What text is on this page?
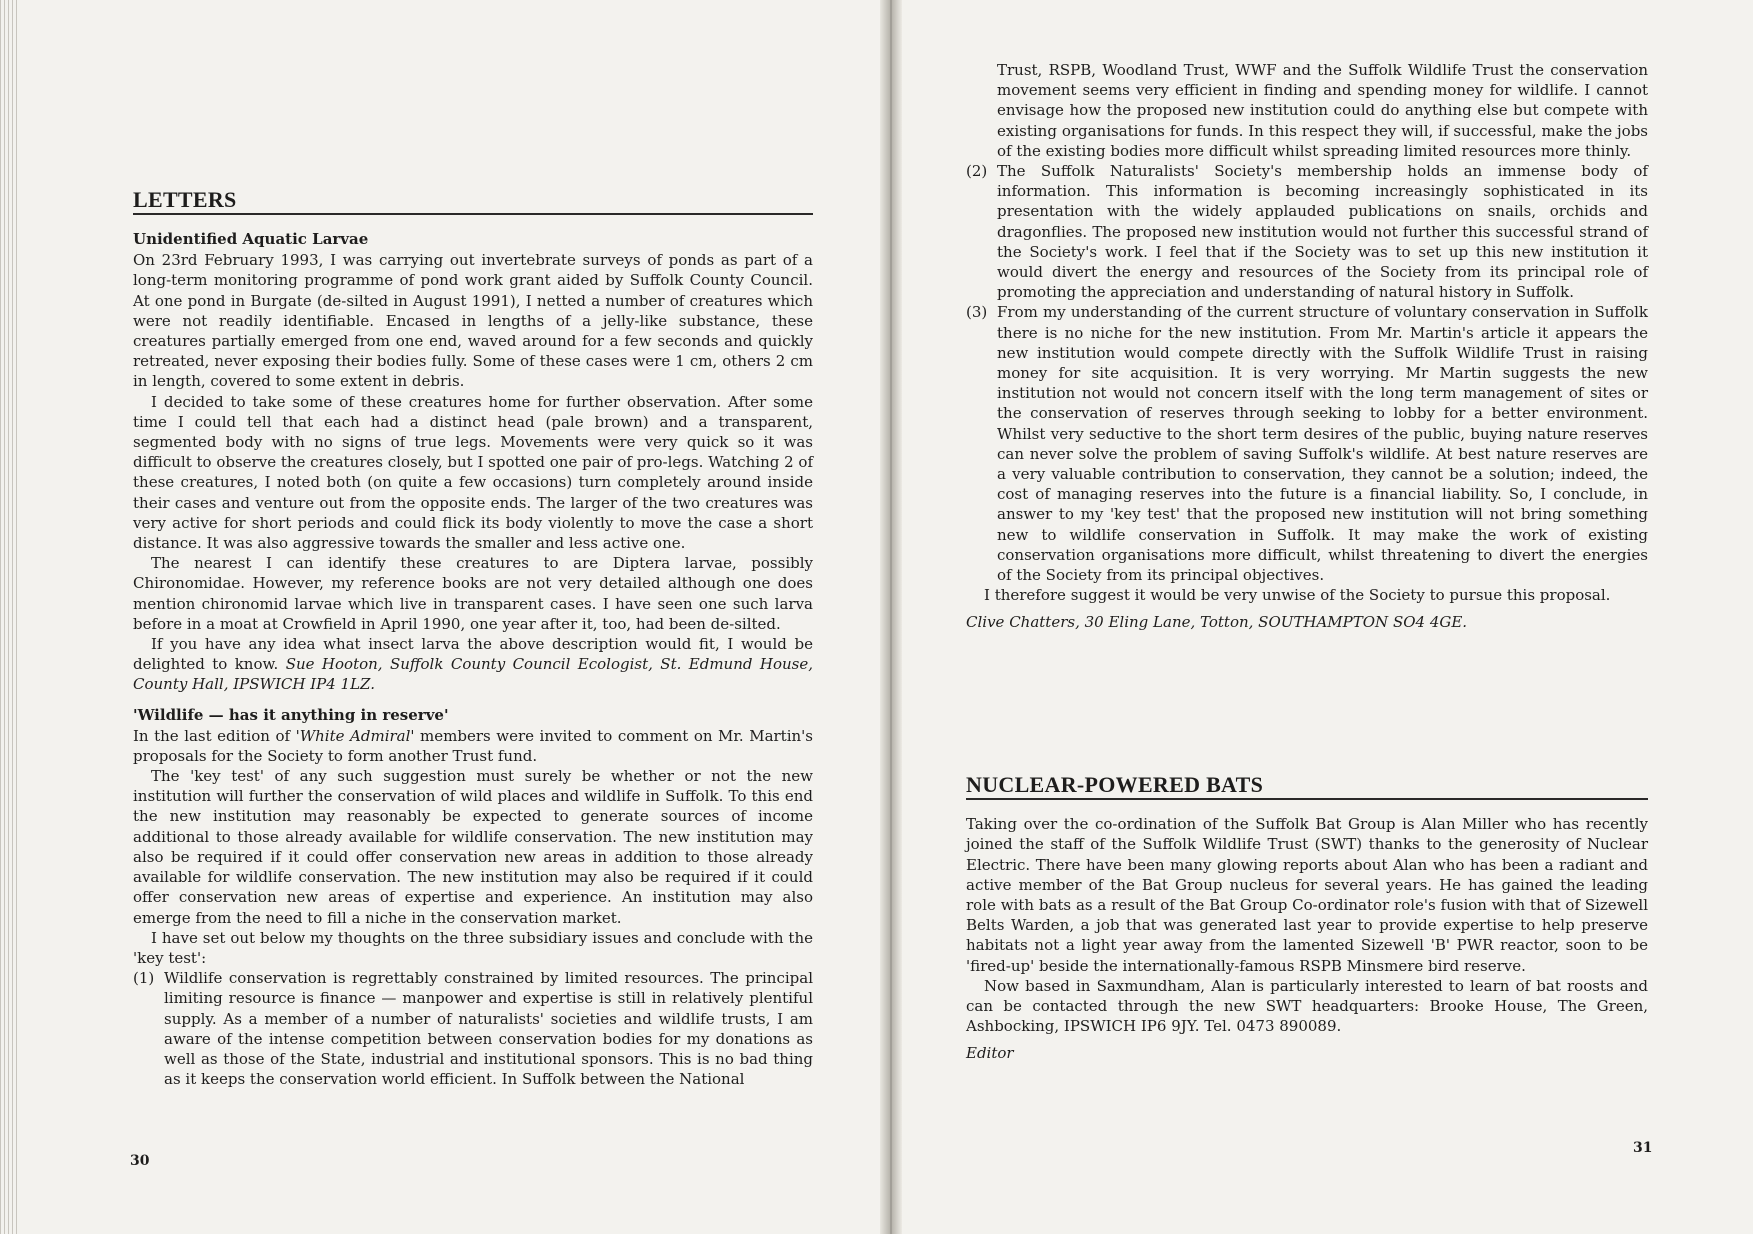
LETTERS
Unidentified Aquatic Larvae

On 23rd February 1993, I was carrying out invertebrate surveys of ponds as part of a long-term monitoring programme of pond work grant aided by Suffolk County Council. At one pond in Burgate (de-silted in August 1991), I netted a number of creatures which were not readily identifiable. Encased in lengths of a jelly-like substance, these creatures partially emerged from one end, waved around for a few seconds and quickly retreated, never exposing their bodies fully. Some of these cases were 1 cm, others 2 cm in length, covered to some extent in debris.

I decided to take some of these creatures home for further observation. After some time I could tell that each had a distinct head (pale brown) and a transparent, segmented body with no signs of true legs. Movements were very quick so it was difficult to observe the creatures closely, but I spotted one pair of pro-legs. Watching 2 of these creatures, I noted both (on quite a few occasions) turn completely around inside their cases and venture out from the opposite ends. The larger of the two creatures was very active for short periods and could flick its body violently to move the case a short distance. It was also aggressive towards the smaller and less active one.

The nearest I can identify these creatures to are Diptera larvae, possibly Chironomidae. However, my reference books are not very detailed although one does mention chironomid larvae which live in transparent cases. I have seen one such larva before in a moat at Crowfield in April 1990, one year after it, too, had been de-silted.

If you have any idea what insect larva the above description would fit, I would be delighted to know. Sue Hooton, Suffolk County Council Ecologist, St. Edmund House, County Hall, IPSWICH IP4 1LZ.

'Wildlife — has it anything in reserve'

In the last edition of 'White Admiral' members were invited to comment on Mr. Martin's proposals for the Society to form another Trust fund.

The 'key test' of any such suggestion must surely be whether or not the new institution will further the conservation of wild places and wildlife in Suffolk. To this end the new institution may reasonably be expected to generate sources of income additional to those already available for wildlife conservation. The new institution may also be required if it could offer conservation new areas in addition to those already available for wildlife conservation. The new institution may also be required if it could offer conservation new areas of expertise and experience. An institution may also emerge from the need to fill a niche in the conservation market.

I have set out below my thoughts on the three subsidiary issues and conclude with the 'key test':

(1) Wildlife conservation is regrettably constrained by limited resources. The principal limiting resource is finance — manpower and expertise is still in relatively plentiful supply. As a member of a number of naturalists' societies and wildlife trusts, I am aware of the intense competition between conservation bodies for my donations as well as those of the State, industrial and institutional sponsors. This is no bad thing as it keeps the conservation world efficient. In Suffolk between the National
30
Trust, RSPB, Woodland Trust, WWF and the Suffolk Wildlife Trust the conservation movement seems very efficient in finding and spending money for wildlife. I cannot envisage how the proposed new institution could do anything else but compete with existing organisations for funds. In this respect they will, if successful, make the jobs of the existing bodies more difficult whilst spreading limited resources more thinly.
(2) The Suffolk Naturalists' Society's membership holds an immense body of information. This information is becoming increasingly sophisticated in its presentation with the widely applauded publications on snails, orchids and dragonflies. The proposed new institution would not further this successful strand of the Society's work. I feel that if the Society was to set up this new institution it would divert the energy and resources of the Society from its principal role of promoting the appreciation and understanding of natural history in Suffolk.
(3) From my understanding of the current structure of voluntary conservation in Suffolk there is no niche for the new institution. From Mr. Martin's article it appears the new institution would compete directly with the Suffolk Wildlife Trust in raising money for site acquisition. It is very worrying. Mr Martin suggests the new institution not would not concern itself with the long term management of sites or the conservation of reserves through seeking to lobby for a better environment. Whilst very seductive to the short term desires of the public, buying nature reserves can never solve the problem of saving Suffolk's wildlife. At best nature reserves are a very valuable contribution to conservation, they cannot be a solution; indeed, the cost of managing reserves into the future is a financial liability. So, I conclude, in answer to my 'key test' that the proposed new institution will not bring something new to wildlife conservation in Suffolk. It may make the work of existing conservation organisations more difficult, whilst threatening to divert the energies of the Society from its principal objectives.

I therefore suggest it would be very unwise of the Society to pursue this proposal.

Clive Chatters, 30 Eling Lane, Totton, SOUTHAMPTON SO4 4GE.

NUCLEAR-POWERED BATS

Taking over the co-ordination of the Suffolk Bat Group is Alan Miller who has recently joined the staff of the Suffolk Wildlife Trust (SWT) thanks to the generosity of Nuclear Electric. There have been many glowing reports about Alan who has been a radiant and active member of the Bat Group nucleus for several years. He has gained the leading role with bats as a result of the Bat Group Co-ordinator role's fusion with that of Sizewell Belts Warden, a job that was generated last year to provide expertise to help preserve habitats not a light year away from the lamented Sizewell 'B' PWR reactor, soon to be 'fired-up' beside the internationally-famous RSPB Minsmere bird reserve.

Now based in Saxmundham, Alan is particularly interested to learn of bat roosts and can be contacted through the new SWT headquarters: Brooke House, The Green, Ashbocking, IPSWICH IP6 9JY. Tel. 0473 890089.

Editor

31
